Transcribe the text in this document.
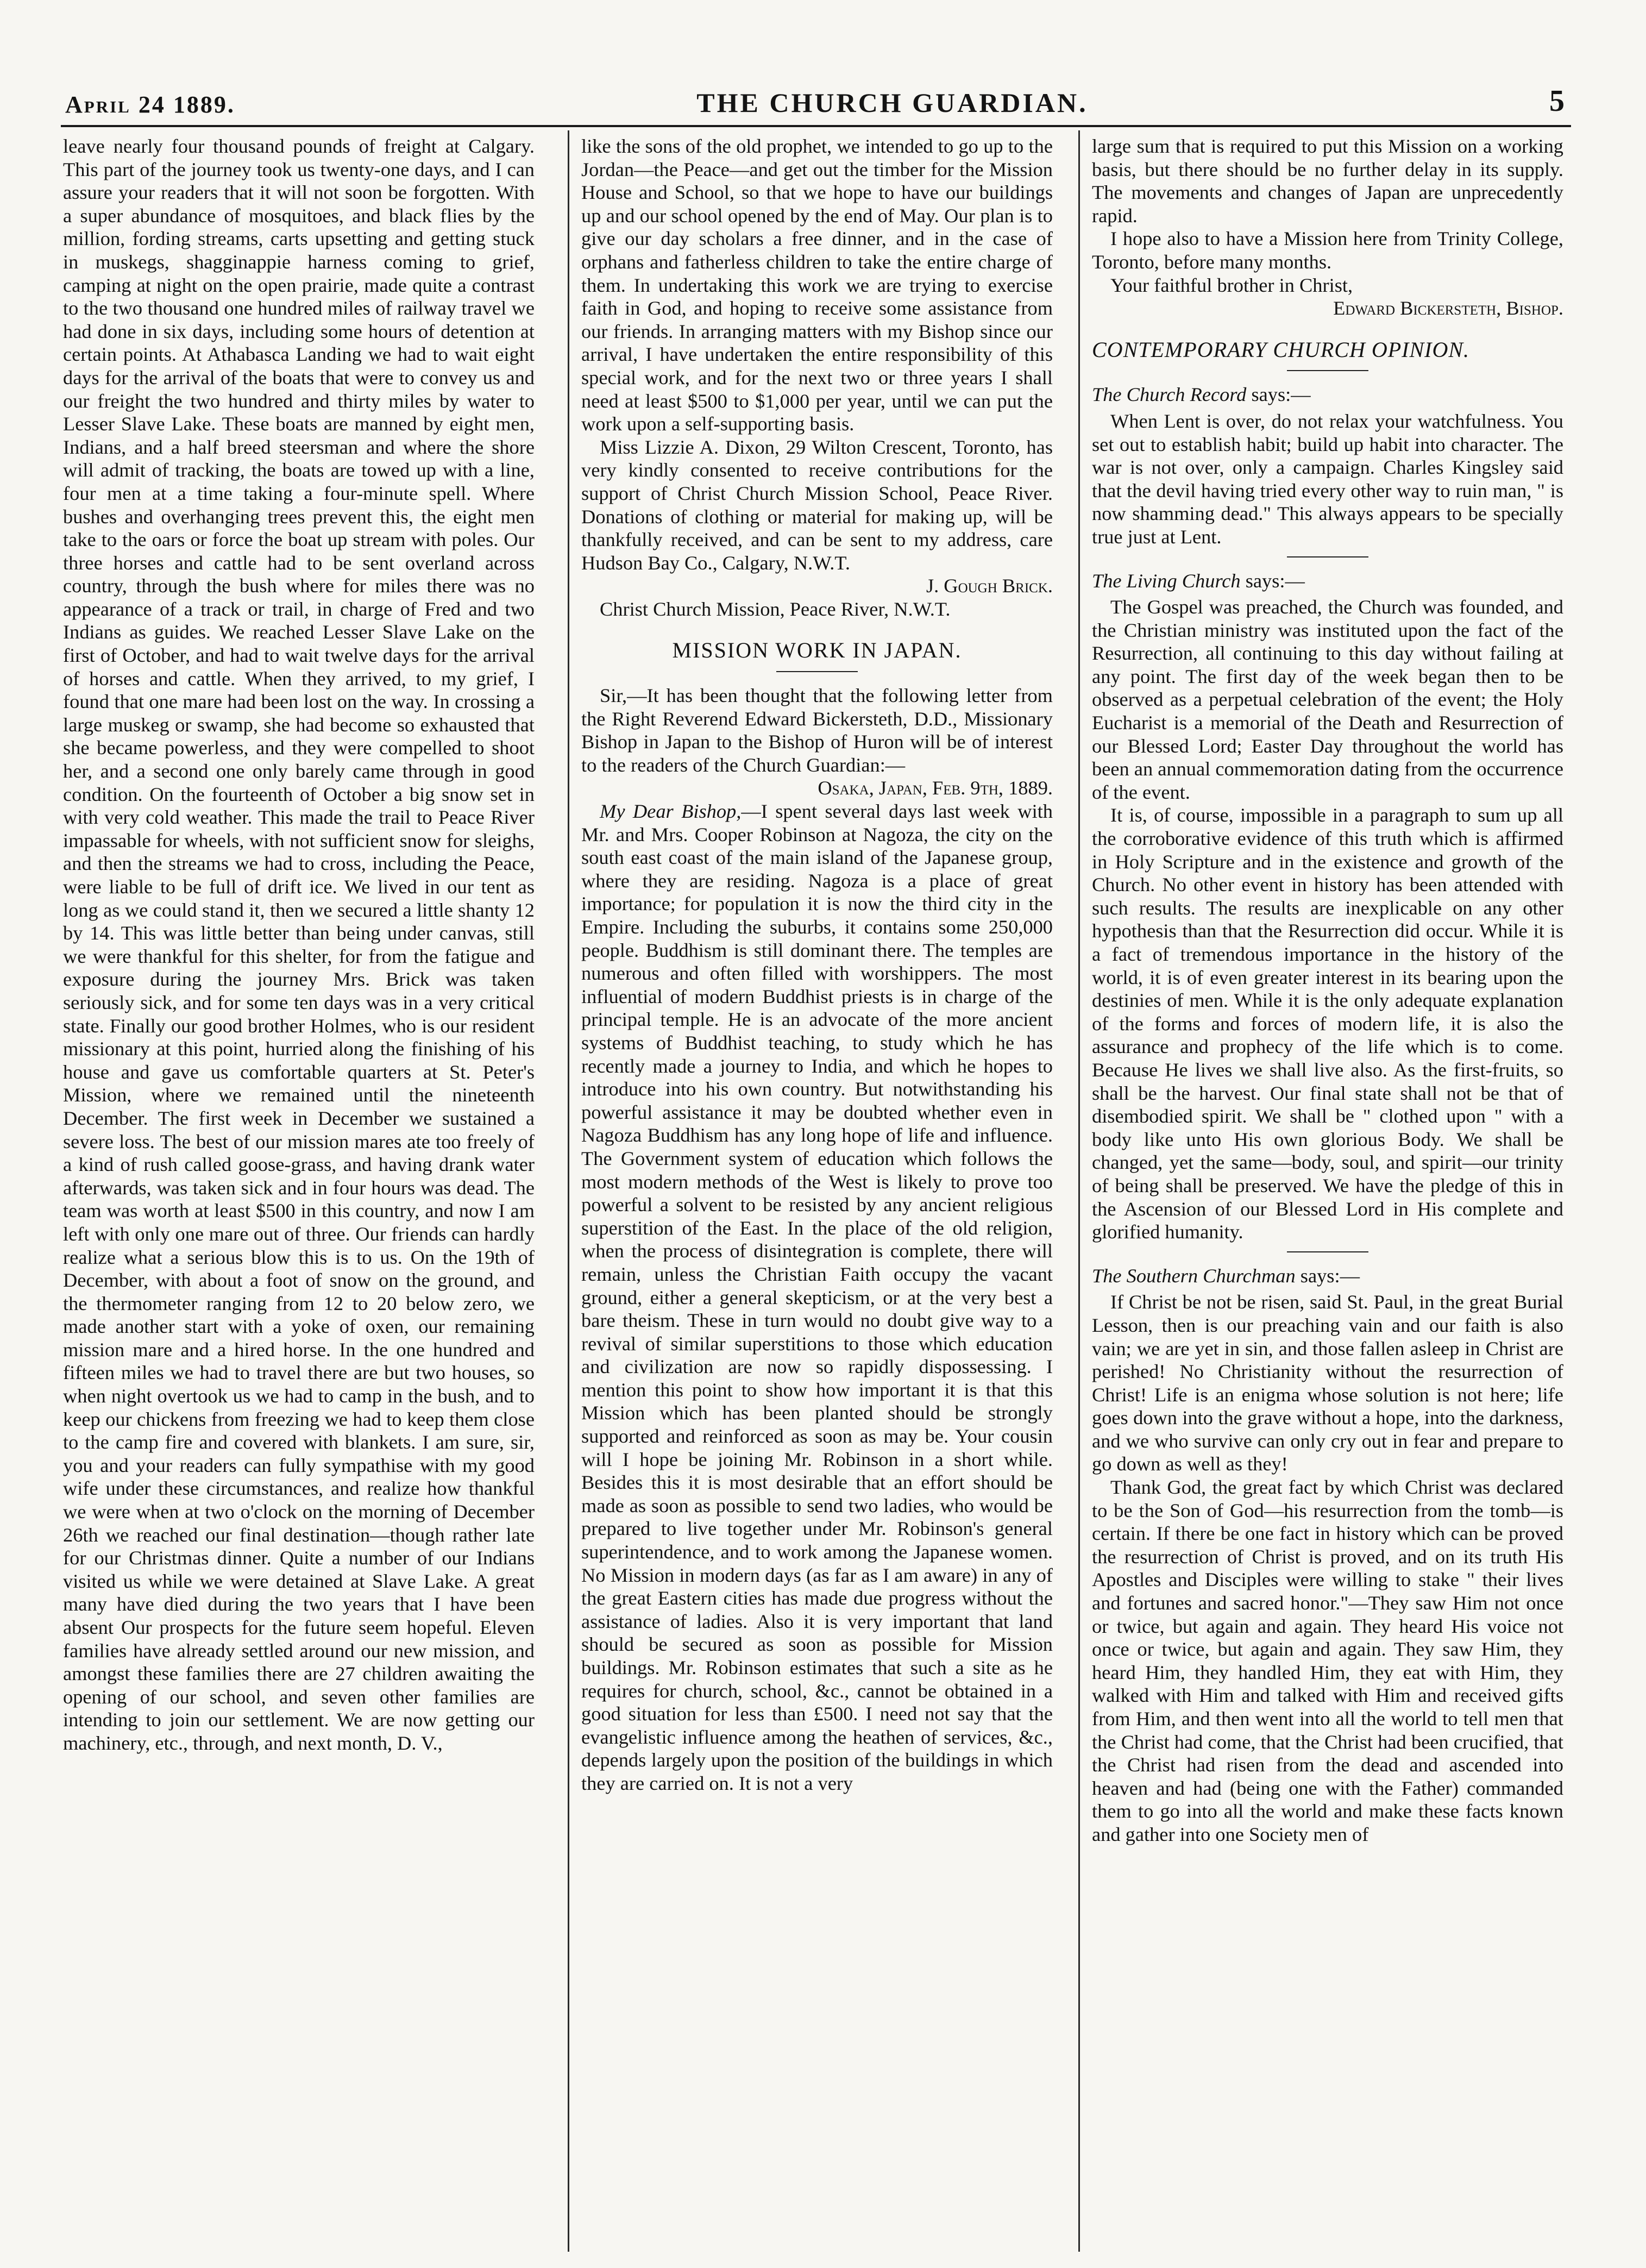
April 24 1889.	THE CHURCH GUARDIAN.	5

leave nearly four thousand pounds of freight at Calgary. This part of the journey took us twenty-one days, and I can assure your readers that it will not soon be forgotten. With a super abundance of mosquitoes, and black flies by the million, fording streams, carts upsetting and getting stuck in muskegs, shagginappie harness coming to grief, camping at night on the open prairie, made quite a contrast to the two thousand one hundred miles of railway travel we had done in six days, including some hours of detention at certain points. At Athabasca Landing we had to wait eight days for the arrival of the boats that were to convey us and our freight the two hundred and thirty miles by water to Lesser Slave Lake. These boats are manned by eight men, Indians, and a half breed steersman and where the shore will admit of tracking, the boats are towed up with a line, four men at a time taking a four-minute spell. Where bushes and overhanging trees prevent this, the eight men take to the oars or force the boat up stream with poles. Our three horses and cattle had to be sent overland across country, through the bush where for miles there was no appearance of a track or trail, in charge of Fred and two Indians as guides. We reached Lesser Slave Lake on the first of October, and had to wait twelve days for the arrival of horses and cattle. When they arrived, to my grief, I found that one mare had been lost on the way. In crossing a large muskeg or swamp, she had become so exhausted that she became powerless, and they were compelled to shoot her, and a second one only barely came through in good condition. On the fourteenth of October a big snow set in with very cold weather. This made the trail to Peace River impassable for wheels, with not sufficient snow for sleighs, and then the streams we had to cross, including the Peace, were liable to be full of drift ice. We lived in our tent as long as we could stand it, then we secured a little shanty 12 by 14. This was little better than being under canvas, still we were thankful for this shelter, for from the fatigue and exposure during the journey Mrs. Brick was taken seriously sick, and for some ten days was in a very critical state. Finally our good brother Holmes, who is our resident missionary at this point, hurried along the finishing of his house and gave us comfortable quarters at St. Peter's Mission, where we remained until the nineteenth December. The first week in December we sustained a severe loss. The best of our mission mares ate too freely of a kind of rush called goose-grass, and having drank water afterwards, was taken sick and in four hours was dead. The team was worth at least $500 in this country, and now I am left with only one mare out of three. Our friends can hardly realize what a serious blow this is to us. On the 19th of December, with about a foot of snow on the ground, and the thermometer ranging from 12 to 20 below zero, we made another start with a yoke of oxen, our remaining mission mare and a hired horse. In the one hundred and fifteen miles we had to travel there are but two houses, so when night overtook us we had to camp in the bush, and to keep our chickens from freezing we had to keep them close to the camp fire and covered with blankets. I am sure, sir, you and your readers can fully sympathise with my good wife under these circumstances, and realize how thankful we were when at two o'clock on the morning of December 26th we reached our final destination—though rather late for our Christmas dinner. Quite a number of our Indians visited us while we were detained at Slave Lake. A great many have died during the two years that I have been absent Our prospects for the future seem hopeful. Eleven families have already settled around our new mission, and amongst these families there are 27 children awaiting the opening of our school, and seven other families are intending to join our settlement. We are now getting our machinery, etc., through, and next month, D. V.,

like the sons of the old prophet, we intended to go up to the Jordan—the Peace—and get out the timber for the Mission House and School, so that we hope to have our buildings up and our school opened by the end of May. Our plan is to give our day scholars a free dinner, and in the case of orphans and fatherless children to take the entire charge of them. In undertaking this work we are trying to exercise faith in God, and hoping to receive some assistance from our friends. In arranging matters with my Bishop since our arrival, I have undertaken the entire responsibility of this special work, and for the next two or three years I shall need at least $500 to $1,000 per year, until we can put the work upon a self-supporting basis.

Miss Lizzie A. Dixon, 29 Wilton Crescent, Toronto, has very kindly consented to receive contributions for the support of Christ Church Mission School, Peace River. Donations of clothing or material for making up, will be thankfully received, and can be sent to my address, care Hudson Bay Co., Calgary, N.W.T.

J. Gough Brick.

Christ Church Mission, Peace River, N.W.T.

MISSION WORK IN JAPAN.

Sir,—It has been thought that the following letter from the Right Reverend Edward Bickersteth, D.D., Missionary Bishop in Japan to the Bishop of Huron will be of interest to the readers of the Church Guardian:—

Osaka, Japan, Feb. 9th, 1889.

My Dear Bishop,—I spent several days last week with Mr. and Mrs. Cooper Robinson at Nagoza, the city on the south east coast of the main island of the Japanese group, where they are residing. Nagoza is a place of great importance; for population it is now the third city in the Empire. Including the suburbs, it contains some 250,000 people. Buddhism is still dominant there. The temples are numerous and often filled with worshippers. The most influential of modern Buddhist priests is in charge of the principal temple. He is an advocate of the more ancient systems of Buddhist teaching, to study which he has recently made a journey to India, and which he hopes to introduce into his own country. But notwithstanding his powerful assistance it may be doubted whether even in Nagoza Buddhism has any long hope of life and influence. The Government system of education which follows the most modern methods of the West is likely to prove too powerful a solvent to be resisted by any ancient religious superstition of the East. In the place of the old religion, when the process of disintegration is complete, there will remain, unless the Christian Faith occupy the vacant ground, either a general skepticism, or at the very best a bare theism. These in turn would no doubt give way to a revival of similar superstitions to those which education and civilization are now so rapidly dispossessing. I mention this point to show how important it is that this Mission which has been planted should be strongly supported and reinforced as soon as may be. Your cousin will I hope be joining Mr. Robinson in a short while. Besides this it is most desirable that an effort should be made as soon as possible to send two ladies, who would be prepared to live together under Mr. Robinson's general superintendence, and to work among the Japanese women. No Mission in modern days (as far as I am aware) in any of the great Eastern cities has made due progress without the assistance of ladies. Also it is very important that land should be secured as soon as possible for Mission buildings. Mr. Robinson estimates that such a site as he requires for church, school, &c., cannot be obtained in a good situation for less than £500. I need not say that the evangelistic influence among the heathen of services, &c., depends largely upon the position of the buildings in which they are carried on. It is not a very

large sum that is required to put this Mission on a working basis, but there should be no further delay in its supply. The movements and changes of Japan are unprecedently rapid.

I hope also to have a Mission here from Trinity College, Toronto, before many months.

Your faithful brother in Christ,

Edward Bickersteth, Bishop.

CONTEMPORARY CHURCH OPINION.

The Church Record says:—

When Lent is over, do not relax your watchfulness. You set out to establish habit; build up habit into character. The war is not over, only a campaign. Charles Kingsley said that the devil having tried every other way to ruin man, " is now shamming dead." This always appears to be specially true just at Lent.

The Living Church says:—

The Gospel was preached, the Church was founded, and the Christian ministry was instituted upon the fact of the Resurrection, all continuing to this day without failing at any point. The first day of the week began then to be observed as a perpetual celebration of the event; the Holy Eucharist is a memorial of the Death and Resurrection of our Blessed Lord; Easter Day throughout the world has been an annual commemoration dating from the occurrence of the event.

It is, of course, impossible in a paragraph to sum up all the corroborative evidence of this truth which is affirmed in Holy Scripture and in the existence and growth of the Church. No other event in history has been attended with such results. The results are inexplicable on any other hypothesis than that the Resurrection did occur. While it is a fact of tremendous importance in the history of the world, it is of even greater interest in its bearing upon the destinies of men. While it is the only adequate explanation of the forms and forces of modern life, it is also the assurance and prophecy of the life which is to come. Because He lives we shall live also. As the first-fruits, so shall be the harvest. Our final state shall not be that of disembodied spirit. We shall be " clothed upon " with a body like unto His own glorious Body. We shall be changed, yet the same—body, soul, and spirit—our trinity of being shall be preserved. We have the pledge of this in the Ascension of our Blessed Lord in His complete and glorified humanity.

The Southern Churchman says:—

If Christ be not be risen, said St. Paul, in the great Burial Lesson, then is our preaching vain and our faith is also vain; we are yet in sin, and those fallen asleep in Christ are perished! No Christianity without the resurrection of Christ! Life is an enigma whose solution is not here; life goes down into the grave without a hope, into the darkness, and we who survive can only cry out in fear and prepare to go down as well as they!

Thank God, the great fact by which Christ was declared to be the Son of God—his resurrection from the tomb—is certain. If there be one fact in history which can be proved the resurrection of Christ is proved, and on its truth His Apostles and Disciples were willing to stake " their lives and fortunes and sacred honor."—They saw Him not once or twice, but again and again. They heard His voice not once or twice, but again and again. They saw Him, they heard Him, they handled Him, they eat with Him, they walked with Him and talked with Him and received gifts from Him, and then went into all the world to tell men that the Christ had come, that the Christ had been crucified, that the Christ had risen from the dead and ascended into heaven and had (being one with the Father) commanded them to go into all the world and make these facts known and gather into one Society men of
